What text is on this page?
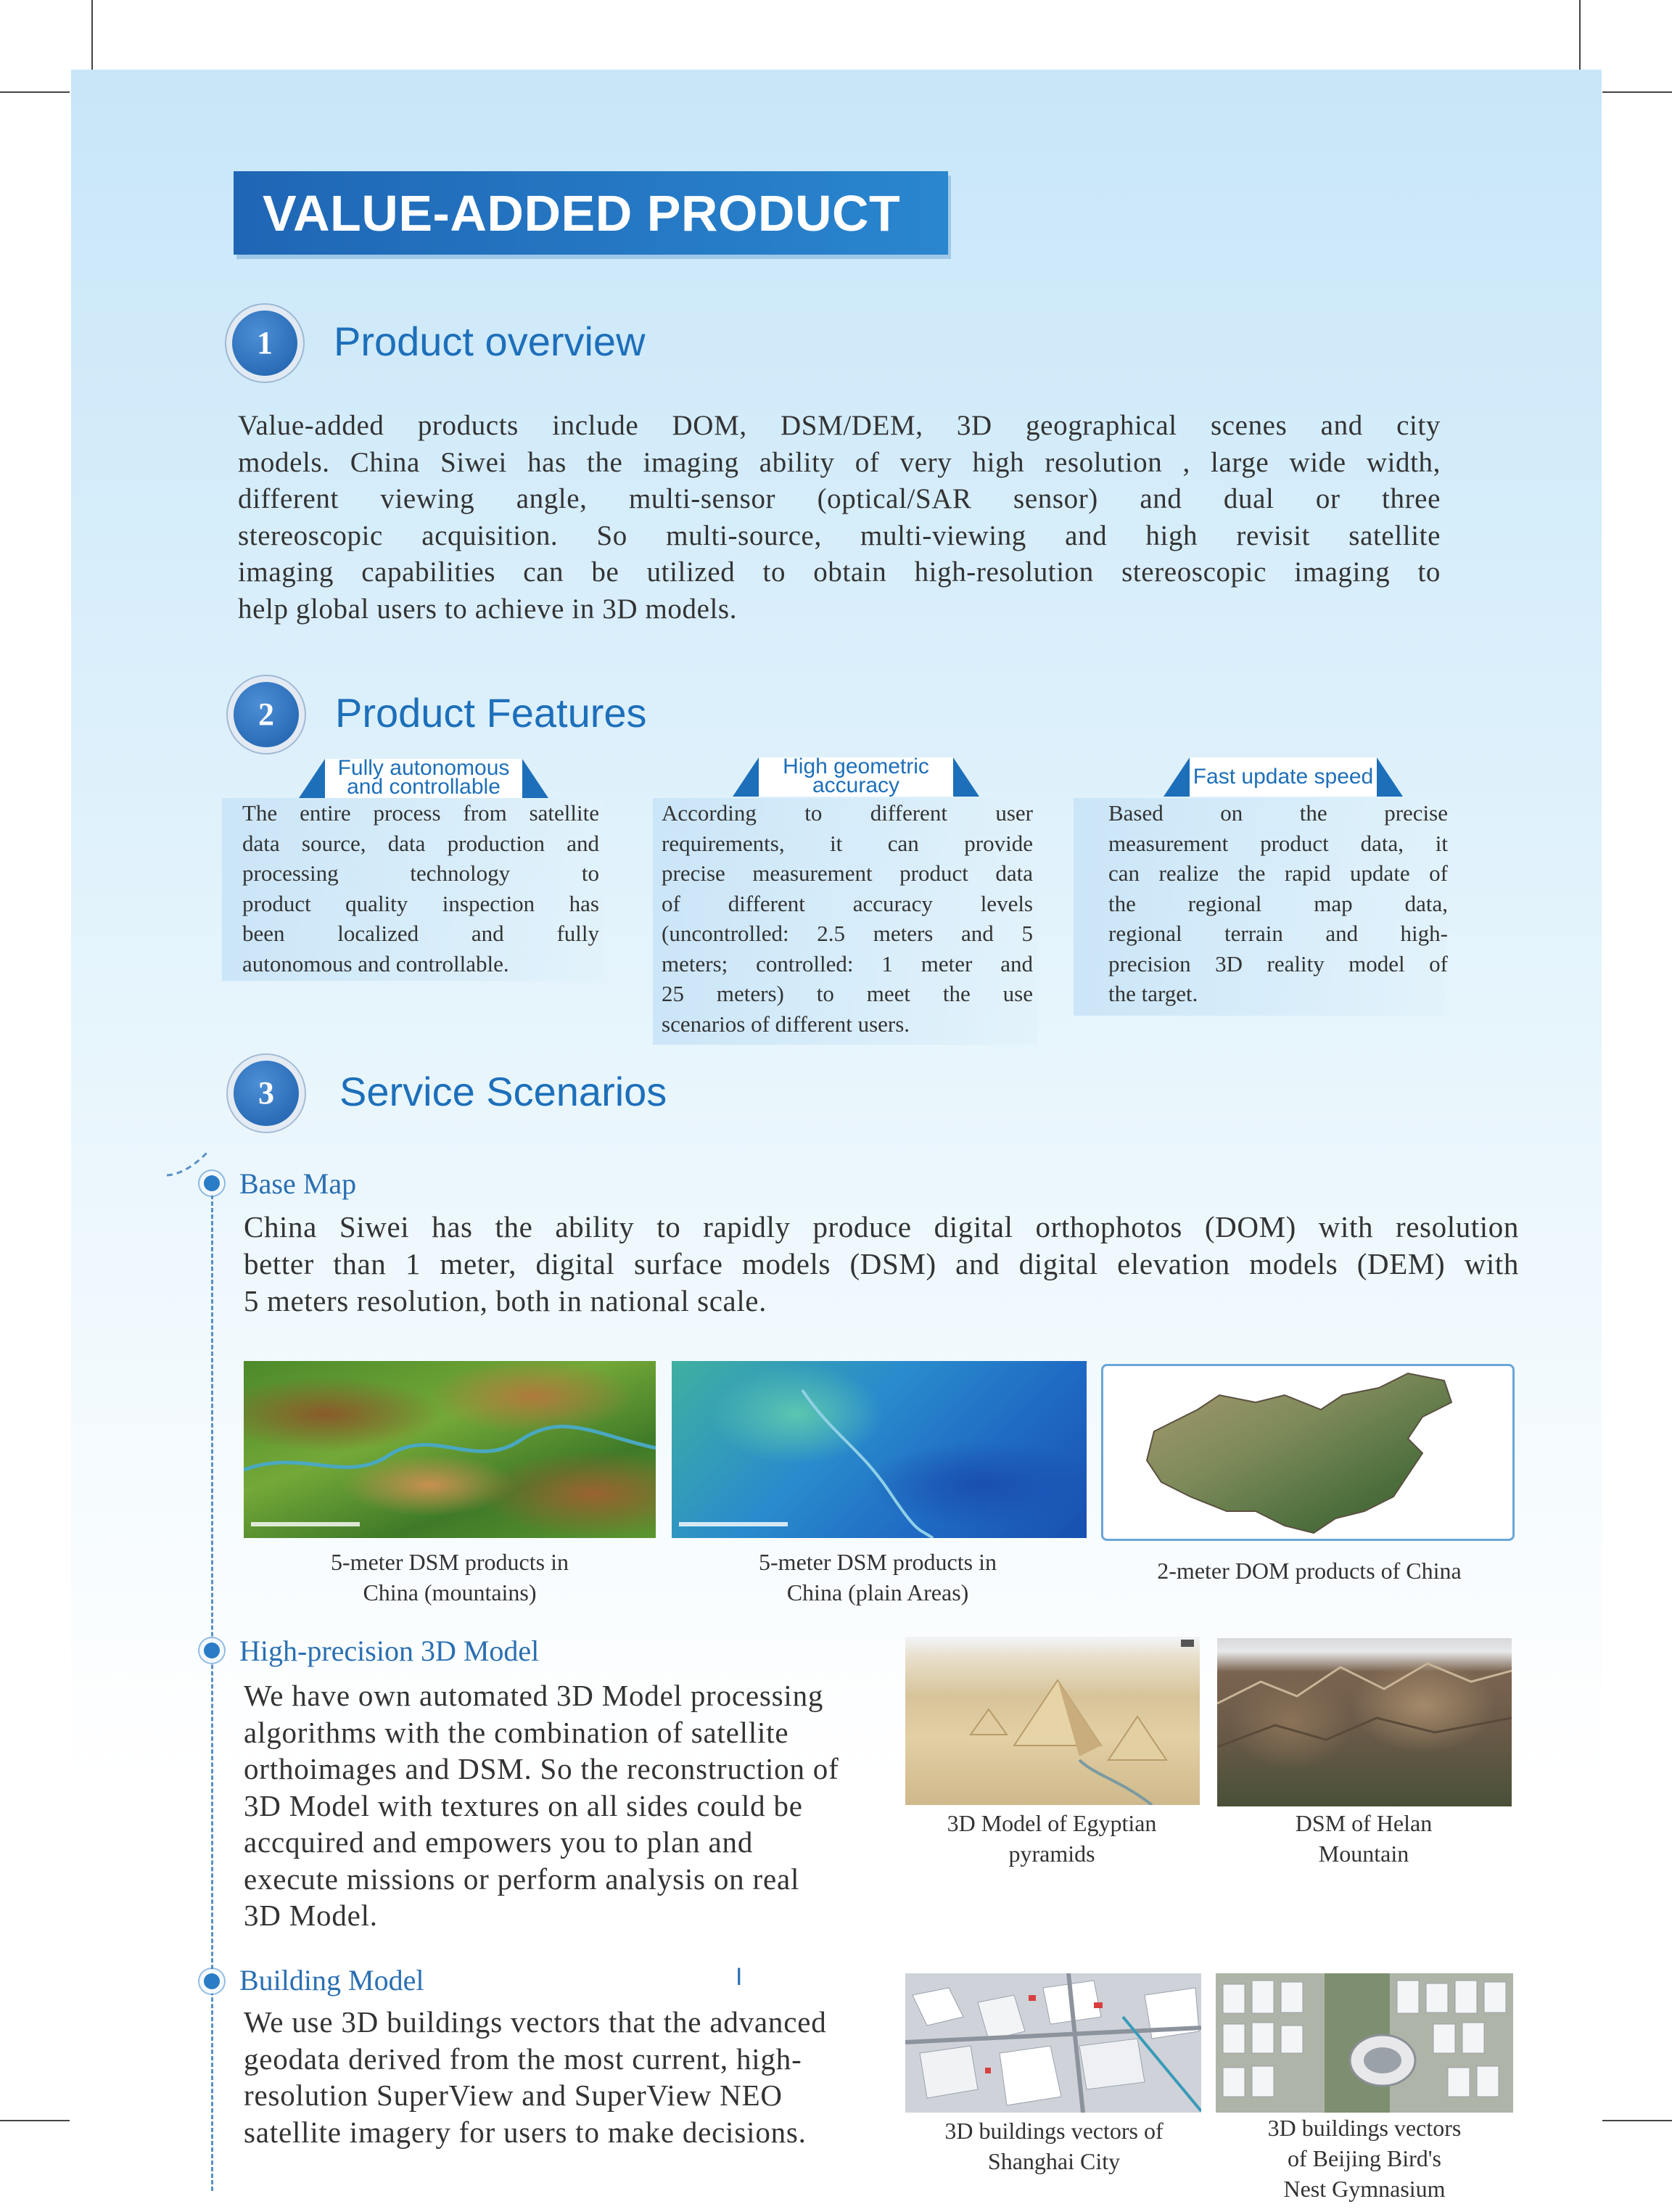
VALUE-ADDED PRODUCT
1	Product overview
Value-added products include DOM, DSM/DEM, 3D geographical scenes and city
models. China Siwei has the imaging ability of very high resolution , large wide width,
different viewing angle, multi-sensor (optical/SAR sensor) and dual or three
stereoscopic acquisition. So multi-source, multi-viewing and high revisit satellite
imaging capabilities can be utilized to obtain high-resolution stereoscopic imaging to
help global users to achieve in 3D models.
2	Product Features
Fully autonomous
and controllable
The entire process from satellite
data source, data production and
processing technology to
product quality inspection has
been localized and fully
autonomous and controllable.
High geometric
accuracy
According to different user
requirements, it can provide
precise measurement product data
of different accuracy levels
(uncontrolled: 2.5 meters and 5
meters; controlled: 1 meter and
25 meters) to meet the use
scenarios of different users.
Fast update speed
Based on the precise
measurement product data, it
can realize the rapid update of
the regional map data,
regional terrain and high-
precision 3D reality model of
the target.
3	Service Scenarios
Base Map
China Siwei has the ability to rapidly produce digital orthophotos (DOM) with resolution
better than 1 meter, digital surface models (DSM) and digital elevation models (DEM) with
5 meters resolution, both in national scale.
5-meter DSM products in
China (mountains)
5-meter DSM products in
China (plain Areas)
2-meter DOM products of China
High-precision 3D Model
We have own automated 3D Model processing
algorithms with the combination of satellite
orthoimages and DSM. So the reconstruction of
3D Model with textures on all sides could be
accquired and empowers you to plan and
execute missions or perform analysis on real
3D Model.
3D Model of Egyptian
pyramids
DSM of Helan
Mountain
Building Model	I
We use 3D buildings vectors that the advanced
geodata derived from the most current, high-
resolution SuperView and SuperView NEO
satellite imagery for users to make decisions.	3D buildings vectors of
Shanghai City
3D buildings vectors
of Beijing Bird's
Nest Gymnasium
